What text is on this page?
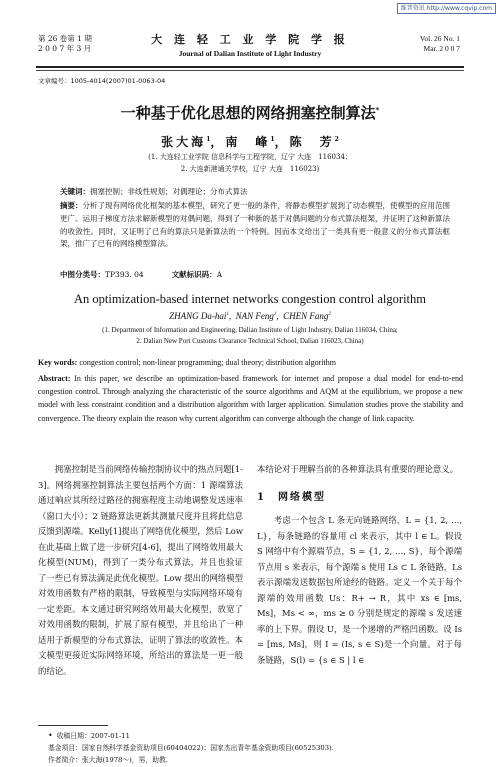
维普资讯 http://www.cqvip.com
第 26 卷第 1 期
2 0 0 7 年 3 月
大 连 轻 工 业 学 院 学 报
Journal of Dalian Institute of Light Industry
Vol. 26 No. 1
Mar. 2 0 0 7
文章编号：1005-4014(2007)01-0063-04
一种基于优化思想的网络拥塞控制算法*
张大海$^1$，南　峰$^1$，陈　芳$^2$
(1. 大连轻工业学院 信息科学与工程学院，辽宁 大连　116034；
2. 大连新港通关学校，辽宁 大连　116023)
关键词：拥塞控制；非线性规划；对偶理论；分布式算法
摘要：分析了现有网络优化框架的基本模型，研究了更一般的条件，将静态模型扩展到了动态模型，使模型的应用范围更广。运用子梯度方法求解新模型的对偶问题，得到了一种新的基于对偶问题的分布式算法框架，并证明了这种新算法的收敛性。同时，又证明了已有的算法只是新算法的一个特例。因而本文给出了一类具有更一般意义的分布式算法框架，推广了已有的网络模型算法。
中图分类号：TP393. 04	文献标识码：A
An optimization-based internet networks congestion control algorithm
ZHANG Da-hai$^1$,  NAN Feng$^1$,  CHEN Fang$^2$
(1. Department of Information and Engineering, Dalian Institute of Light Industry, Dalian 116034, China;
2. Dalian New Port Customs Clearance Technical School, Dalian 116023, China)
Key words: congestion control; non-linear programming; dual theory; distribution algorithm
Abstract: In this paper, we describe an optimization-based framework for internet and propose a dual model for end-to-end congestion control. Through analyzing the characteristic of the source algorithms and AQM at the equilibrium, we propose a new model with less constraint condition and a distribution algorithm with larger application. Simulation studies prove the stability and convergence. The theory explain the reason why current algorithm can converge although the change of link capacity.

拥塞控制是当前网络传输控制协议中的热点问题[1-3]。网络拥塞控制算法主要包括两个方面：1 源端算法通过响应其所经过路径的拥塞程度主动地调整发送速率（窗口大小）；2 链路算法更新其测量尺度并且将此信息反馈到源端。Kelly[1]提出了网络优化模型，然后 Low 在此基础上做了进一步研究[4-6]，提出了网络效用最大化模型(NUM)，得到了一类分布式算法，并且也验证了一些已有算法满足此优化模型。Low 提出的网络模型对效用函数有严格的限制，导致模型与实际网络环境有一定差距。本文通过研究网络效用最大化模型，放宽了对效用函数的限制，扩展了原有模型，并且给出了一种适用于新模型的分布式算法，证明了算法的收敛性。本文模型更接近实际网络环境，所给出的算法是一更一般的结论。

本结论对于理解当前的各种算法具有重要的理论意义。

1 网络模型

考虑一个包含 L 条无向链路网络，L = {1, 2, …, L}，每条链路的容量用 cl 来表示，其中 l ∈ L。假设 S 网络中有个源端节点，S = {1, 2, …, S}，每个源端节点用 s 来表示，每个源端 s 使用 Ls ⊂ L 条链路，Ls 表示源端发送数据包所途经的链路。定义一个关于每个源端的效用函数 Us：R+ → R，其中 xs ∈ [ms, Ms]，Ms < ∞，ms ≥ 0 分别是规定的源端 s 发送速率的上下界。假设 U，是一个递增的严格凹函数。设 Is = [ms, Ms]，则 I = (Is, s ∈ S)是一个向量。对于每条链路，S(l) = {s ∈ S | l ∈

• 收稿日期：2007-01-11
基金项目：国家自然科学基金资助项目(60404022)；国家杰出青年基金资助项目(60525303).
作者简介：张大海(1978～)，男，助教.
